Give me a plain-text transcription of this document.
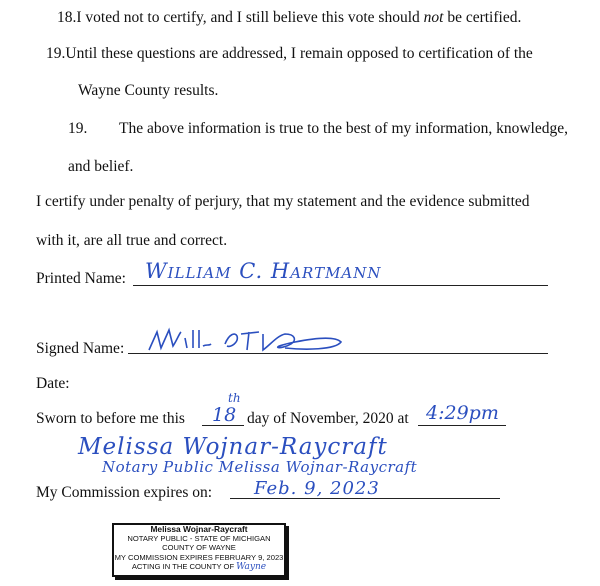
18.I voted not to certify, and I still believe this vote should not be certified.
19.Until these questions are addressed, I remain opposed to certification of the
Wayne County results.
19. The above information is true to the best of my information, knowledge,
and belief.
I certify under penalty of perjury, that my statement and the evidence submitted
with it, are all true and correct.
Printed Name: William C. Hartmann
Signed Name:
Date:
Sworn to before me this 18
th
day of November, 2020 at 4:29pm
Melissa Wojnar-Raycraft
Notary Public Melissa Wojnar-Raycraft
My Commission expires on: Feb. 9, 2023
Melissa Wojnar-Raycraft
NOTARY PUBLIC - STATE OF MICHIGAN
COUNTY OF WAYNE
MY COMMISSION EXPIRES FEBRUARY 9, 2023
ACTING IN THE COUNTY OF Wayne
